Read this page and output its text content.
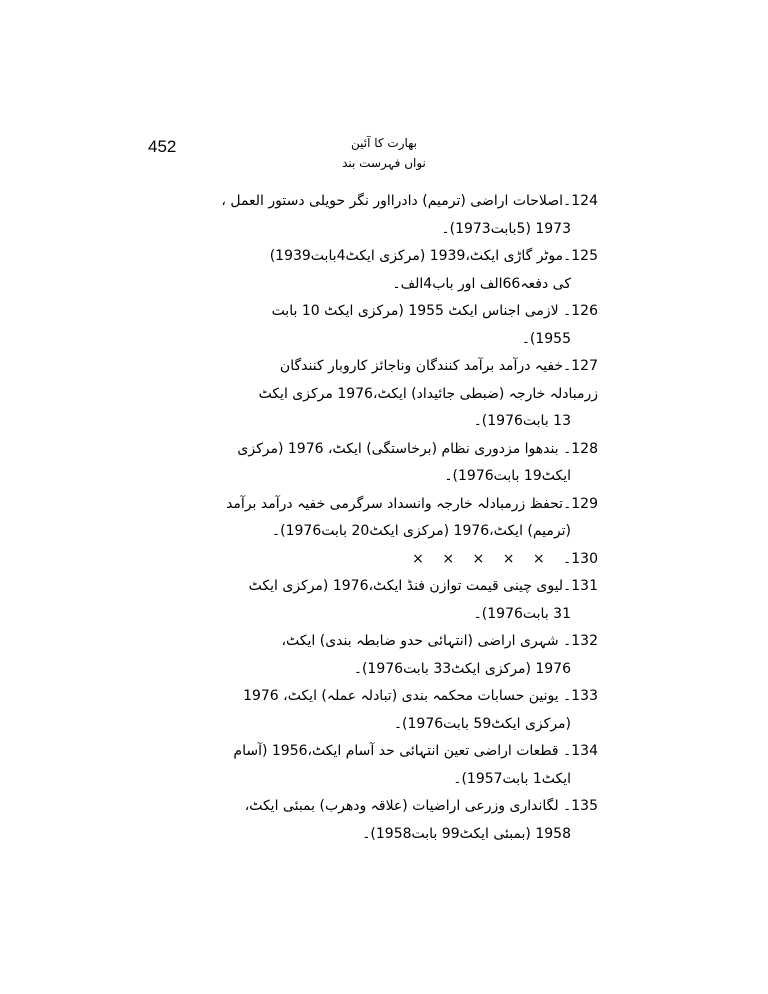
452	بھارت کا آئین
نواں فہرست بند
124۔اصلاحات اراضی (ترمیم) دادرااور نگر حویلی دستور العمل ،
1973 (5بابت1973)۔
125۔موٹر گاڑی ایکٹ،1939 (مرکزی ایکٹ4بابت1939)
کی دفعہ66الف اور باب4الف۔
126۔ لازمی اجناس ایکٹ 1955 (مرکزی ایکٹ 10 بابت
1955)۔
127۔خفیہ درآمد برآمد کنندگان وناجائز کاروبار کنندگان
زرمبادلہ خارجہ (ضبطی جائیداد) ایکٹ،1976 مرکزی ایکٹ
13 بابت1976)۔
128۔ بندھوا مزدوری نظام (برخاستگی) ایکٹ، 1976 (مرکزی
ایکٹ19 بابت1976)۔
129۔تحفظ زرمبادلہ خارجہ وانسداد سرگرمی خفیہ درآمد برآمد
(ترمیم) ایکٹ،1976 (مرکزی ایکٹ20 بابت1976)۔
130۔ × × × × ×
131۔لیوی چینی قیمت توازن فنڈ ایکٹ،1976 (مرکزی ایکٹ
31 بابت1976)۔
132۔ شہری اراضی (انتہائی حدو ضابطہ بندی) ایکٹ،
1976 (مرکزی ایکٹ33 بابت1976)۔
133۔ یونین حسابات محکمہ بندی (تبادلہ عملہ) ایکٹ، 1976
(مرکزی ایکٹ59 بابت1976)۔
134۔ قطعات اراضی تعین انتہائی حد آسام ایکٹ،1956 (آسام
ایکٹ1 بابت1957)۔
135۔ لگانداری وزرعی اراضیات (علاقہ ودھرب) بمبئی ایکٹ،
1958 (بمبئی ایکٹ99 بابت1958)۔
